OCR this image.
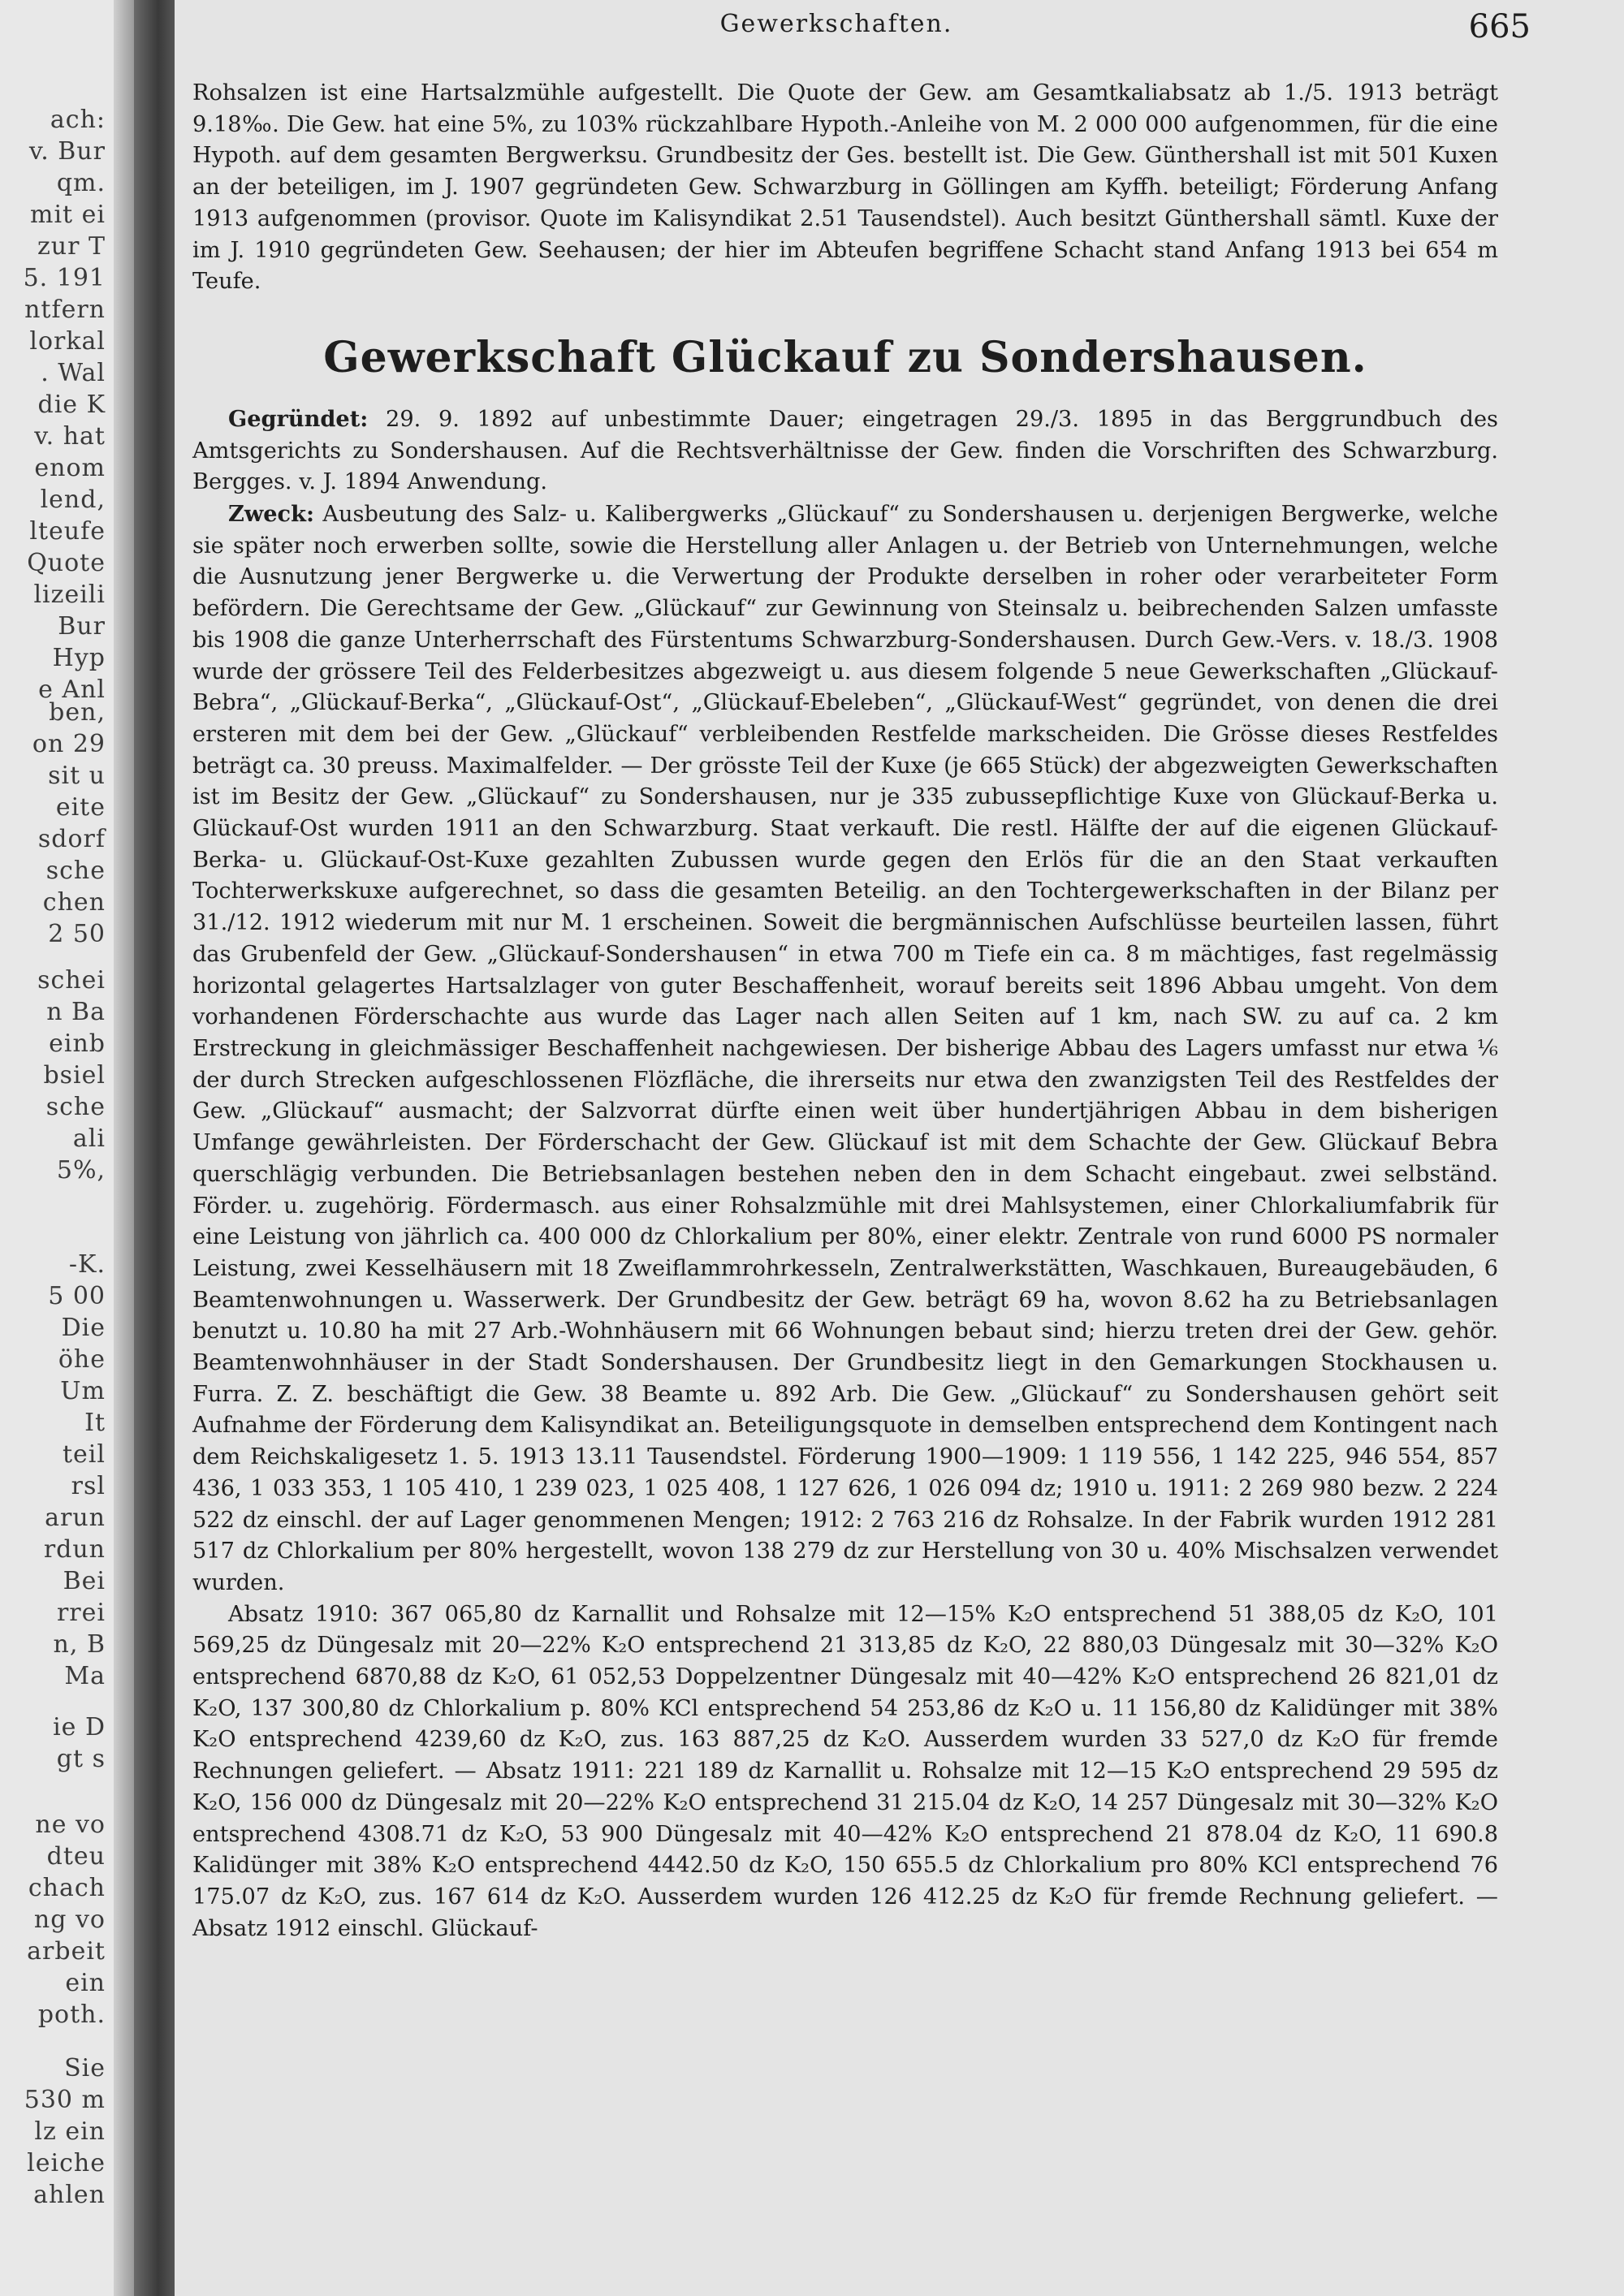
ach:
v. Bur
qm.
mit ei
zur T
5. 191
ntfern
lorkal
. Wal
die K
v. hat
enom
lend,
lteufe
Quote
lizeili
Bur
Hyp
e Anl
ben,
on 29
sit u
eite
sdorf
sche
chen
2 50
schei
n Ba
einb
bsiel
sche
ali
5%,
-K.
5 00
Die
öhe
Um
It
teil
rsl
arun
rdun
Bei
rrei
n, B
Ma
ie D
gt s
ne vo
dteu
chach
ng vo
arbeit
ein
poth.
Sie
530 m
lz ein
leiche
ahlen
Gewerkschaften.	665

Rohsalzen ist eine Hartsalzmühle aufgestellt. Die Quote der Gew. am Gesamtkaliabsatz ab 1./5. 1913 beträgt 9.18‰. Die Gew. hat eine 5%, zu 103% rückzahlbare Hypoth.-Anleihe von M. 2 000 000 aufgenommen, für die eine Hypoth. auf dem gesamten Bergwerksu. Grundbesitz der Ges. bestellt ist. Die Gew. Günthershall ist mit 501 Kuxen an der beteiligen, im J. 1907 gegründeten Gew. Schwarzburg in Göllingen am Kyffh. beteiligt; Förderung Anfang 1913 aufgenommen (provisor. Quote im Kalisyndikat 2.51 Tausendstel). Auch besitzt Günthershall sämtl. Kuxe der im J. 1910 gegründeten Gew. Seehausen; der hier im Abteufen begriffene Schacht stand Anfang 1913 bei 654 m Teufe.

Gewerkschaft Glückauf zu Sondershausen.

Gegründet: 29. 9. 1892 auf unbestimmte Dauer; eingetragen 29./3. 1895 in das Berggrundbuch des Amtsgerichts zu Sondershausen. Auf die Rechtsverhältnisse der Gew. finden die Vorschriften des Schwarzburg. Bergges. v. J. 1894 Anwendung.

Zweck: Ausbeutung des Salz- u. Kalibergwerks „Glückauf“ zu Sondershausen u. derjenigen Bergwerke, welche sie später noch erwerben sollte, sowie die Herstellung aller Anlagen u. der Betrieb von Unternehmungen, welche die Ausnutzung jener Bergwerke u. die Verwertung der Produkte derselben in roher oder verarbeiteter Form befördern. Die Gerechtsame der Gew. „Glückauf“ zur Gewinnung von Steinsalz u. beibrechenden Salzen umfasste bis 1908 die ganze Unterherrschaft des Fürstentums Schwarzburg-Sondershausen. Durch Gew.-Vers. v. 18./3. 1908 wurde der grössere Teil des Felderbesitzes abgezweigt u. aus diesem folgende 5 neue Gewerkschaften „Glückauf-Bebra“, „Glückauf-Berka“, „Glückauf-Ost“, „Glückauf-Ebeleben“, „Glückauf-West“ gegründet, von denen die drei ersteren mit dem bei der Gew. „Glückauf“ verbleibenden Restfelde markscheiden. Die Grösse dieses Restfeldes beträgt ca. 30 preuss. Maximalfelder. — Der grösste Teil der Kuxe (je 665 Stück) der abgezweigten Gewerkschaften ist im Besitz der Gew. „Glückauf“ zu Sondershausen, nur je 335 zubussepflichtige Kuxe von Glückauf-Berka u. Glückauf-Ost wurden 1911 an den Schwarzburg. Staat verkauft. Die restl. Hälfte der auf die eigenen Glückauf-Berka- u. Glückauf-Ost-Kuxe gezahlten Zubussen wurde gegen den Erlös für die an den Staat verkauften Tochterwerkskuxe aufgerechnet, so dass die gesamten Beteilig. an den Tochtergewerkschaften in der Bilanz per 31./12. 1912 wiederum mit nur M. 1 erscheinen. Soweit die bergmännischen Aufschlüsse beurteilen lassen, führt das Grubenfeld der Gew. „Glückauf-Sondershausen“ in etwa 700 m Tiefe ein ca. 8 m mächtiges, fast regelmässig horizontal gelagertes Hartsalzlager von guter Beschaffenheit, worauf bereits seit 1896 Abbau umgeht. Von dem vorhandenen Förderschachte aus wurde das Lager nach allen Seiten auf 1 km, nach SW. zu auf ca. 2 km Erstreckung in gleichmässiger Beschaffenheit nachgewiesen. Der bisherige Abbau des Lagers umfasst nur etwa ⅙ der durch Strecken aufgeschlossenen Flözfläche, die ihrerseits nur etwa den zwanzigsten Teil des Restfeldes der Gew. „Glückauf“ ausmacht; der Salzvorrat dürfte einen weit über hundertjährigen Abbau in dem bisherigen Umfange gewährleisten. Der Förderschacht der Gew. Glückauf ist mit dem Schachte der Gew. Glückauf Bebra querschlägig verbunden. Die Betriebsanlagen bestehen neben den in dem Schacht eingebaut. zwei selbständ. Förder. u. zugehörig. Fördermasch. aus einer Rohsalzmühle mit drei Mahlsystemen, einer Chlorkaliumfabrik für eine Leistung von jährlich ca. 400 000 dz Chlorkalium per 80%, einer elektr. Zentrale von rund 6000 PS normaler Leistung, zwei Kesselhäusern mit 18 Zweiflammrohrkesseln, Zentralwerkstätten, Waschkauen, Bureaugebäuden, 6 Beamtenwohnungen u. Wasserwerk. Der Grundbesitz der Gew. beträgt 69 ha, wovon 8.62 ha zu Betriebsanlagen benutzt u. 10.80 ha mit 27 Arb.-Wohnhäusern mit 66 Wohnungen bebaut sind; hierzu treten drei der Gew. gehör. Beamtenwohnhäuser in der Stadt Sondershausen. Der Grundbesitz liegt in den Gemarkungen Stockhausen u. Furra. Z. Z. beschäftigt die Gew. 38 Beamte u. 892 Arb. Die Gew. „Glückauf“ zu Sondershausen gehört seit Aufnahme der Förderung dem Kalisyndikat an. Beteiligungsquote in demselben entsprechend dem Kontingent nach dem Reichskaligesetz 1. 5. 1913 13.11 Tausendstel. Förderung 1900—1909: 1 119 556, 1 142 225, 946 554, 857 436, 1 033 353, 1 105 410, 1 239 023, 1 025 408, 1 127 626, 1 026 094 dz; 1910 u. 1911: 2 269 980 bezw. 2 224 522 dz einschl. der auf Lager genommenen Mengen; 1912: 2 763 216 dz Rohsalze. In der Fabrik wurden 1912 281 517 dz Chlorkalium per 80% hergestellt, wovon 138 279 dz zur Herstellung von 30 u. 40% Mischsalzen verwendet wurden.

Absatz 1910: 367 065,80 dz Karnallit und Rohsalze mit 12—15% K₂O entsprechend 51 388,05 dz K₂O, 101 569,25 dz Düngesalz mit 20—22% K₂O entsprechend 21 313,85 dz K₂O, 22 880,03 Düngesalz mit 30—32% K₂O entsprechend 6870,88 dz K₂O, 61 052,53 Doppelzentner Düngesalz mit 40—42% K₂O entsprechend 26 821,01 dz K₂O, 137 300,80 dz Chlorkalium p. 80% KCl entsprechend 54 253,86 dz K₂O u. 11 156,80 dz Kalidünger mit 38% K₂O entsprechend 4239,60 dz K₂O, zus. 163 887,25 dz K₂O. Ausserdem wurden 33 527,0 dz K₂O für fremde Rechnungen geliefert. — Absatz 1911: 221 189 dz Karnallit u. Rohsalze mit 12—15 K₂O entsprechend 29 595 dz K₂O, 156 000 dz Düngesalz mit 20—22% K₂O entsprechend 31 215.04 dz K₂O, 14 257 Düngesalz mit 30—32% K₂O entsprechend 4308.71 dz K₂O, 53 900 Düngesalz mit 40—42% K₂O entsprechend 21 878.04 dz K₂O, 11 690.8 Kalidünger mit 38% K₂O entsprechend 4442.50 dz K₂O, 150 655.5 dz Chlorkalium pro 80% KCl entsprechend 76 175.07 dz K₂O, zus. 167 614 dz K₂O. Ausserdem wurden 126 412.25 dz K₂O für fremde Rechnung geliefert. — Absatz 1912 einschl. Glückauf-
